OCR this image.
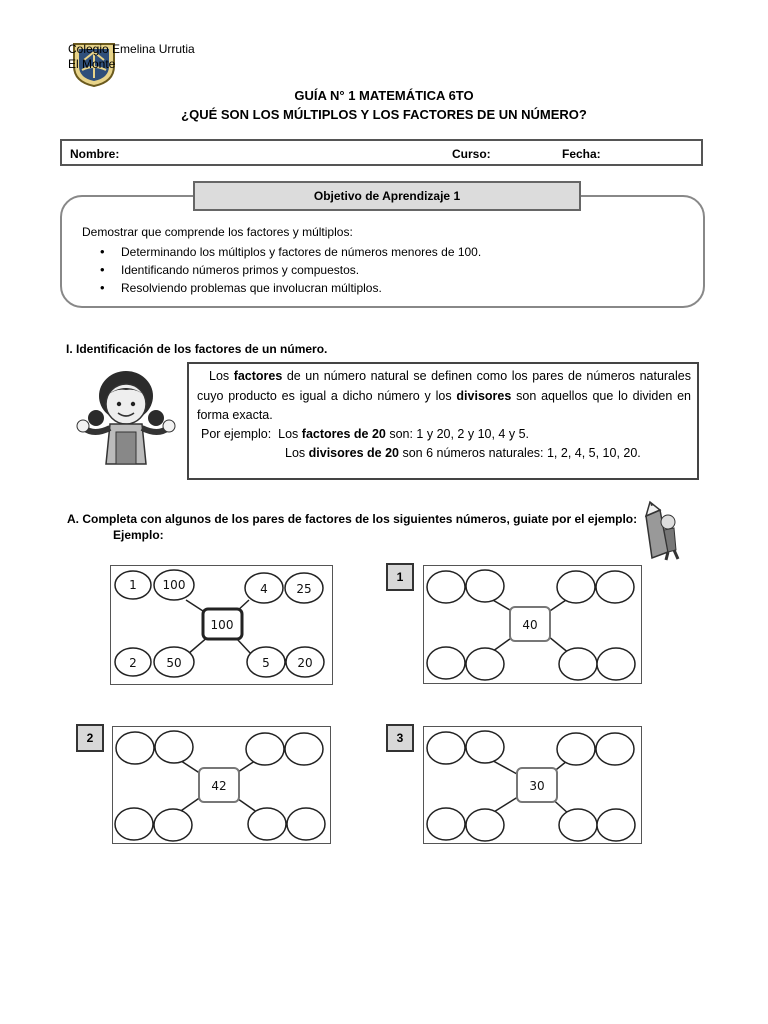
Colegio Emelina Urrutia
El Monte
GUÍA N° 1 MATEMÁTICA 6TO
¿QUÉ SON LOS MÚLTIPLOS Y LOS FACTORES DE UN NÚMERO?
Nombre:	Curso:	Fecha:
Objetivo de Aprendizaje 1
Demostrar que comprende los factores y múltiplos:
• Determinando los múltiplos y factores de números menores de 100.
• Identificando números primos y compuestos.
• Resolviendo problemas que involucran múltiplos.
I. Identificación de los factores de un número.
Los factores de un número natural se definen como los pares de números naturales cuyo producto es igual a dicho número y los divisores son aquellos que lo dividen en forma exacta.
Por ejemplo: Los factores de 20 son: 1 y 20, 2 y 10, 4 y 5.
Los divisores de 20 son 6 números naturales: 1, 2, 4, 5, 10, 20.
A. Completa con algunos de los pares de factores de los siguientes números, guiate por el ejemplo:
Ejemplo:
1 100	4 25
2 50	5 20
100
1
40
2
42
3
30
